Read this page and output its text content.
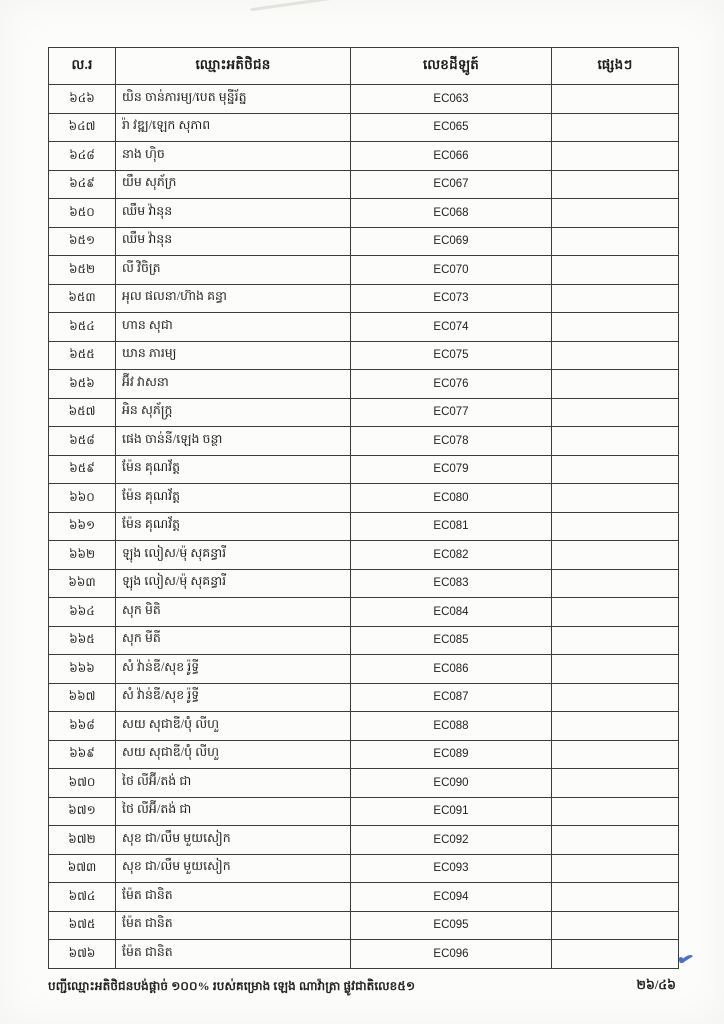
ល.រ	ឈ្មោះអតិថិជន	លេខដីឡូត៍	ផ្សេងៗ
៦៤៦	យិន ចាន់ភារម្យ/បេត មុន្នីរ័ត្ន	EC063	
៦៤៧	រ៉ា វឌ្ឍ/ឡេក សុភាព	EC065	
៦៤៨	នាង ហ៊ិច	EC066	
៦៤៩	យឹម សុភ័ក្រ	EC067	
៦៥០	ឈឹម វ៉ានុន	EC068	
៦៥១	ឈឹម វ៉ានុន	EC069	
៦៥២	លី វិចិត្រ	EC070	
៦៥៣	អុល ផលនា/ហ៊ាង គន្ធា	EC073	
៦៥៤	ហាន សុជា	EC074	
៦៥៥	ឃាន ភារម្យ	EC075	
៦៥៦	អ៊ីវ វាសនា	EC076	
៦៥៧	អិន សុភ័ក្រ្ត	EC077	
៦៥៨	ផេង ចាន់នី/ឡេង ចន្ថា	EC078	
៦៥៩	ម៉ែន គុណវ័ត្ត	EC079	
៦៦០	ម៉ែន គុណវ័ត្ត	EC080	
៦៦១	ម៉ែន គុណវ័ត្ត	EC081	
៦៦២	ឡុង លៀស/ម៉ុ សុគន្ធារី	EC082	
៦៦៣	ឡុង លៀស/ម៉ុ សុគន្ធារី	EC083	
៦៦៤	សុក មិតិ	EC084	
៦៦៥	សុក មីតី	EC085	
៦៦៦	សំ វ៉ាន់ឌី/សុខ រ៉ូទ្ធី	EC086	
៦៦៧	សំ វ៉ាន់ឌី/សុខ រ៉ូទ្ធី	EC087	
៦៦៨	សយ សុជាឌី/ប៉ុំ លីហួ	EC088	
៦៦៩	សយ សុជាឌី/ប៉ុំ លីហួ	EC089	
៦៧០	ថៃ លីអ៊ី/តង់ ជា	EC090	
៦៧១	ថៃ លីអ៊ី/តង់ ជា	EC091	
៦៧២	សុខ ជា/លឹម មួយសៀក	EC092	
៦៧៣	សុខ ជា/លឹម មួយសៀក	EC093	
៦៧៤	ម៉ែត ជានិត	EC094	
៦៧៥	ម៉ែត ជានិត	EC095	
៦៧៦	ម៉ែត ជានិត	EC096	
បញ្ជីឈ្មោះអតិថិជនបង់ផ្តាច់ ១០០% របស់គម្រោង ឡេង ណាវ៉ាត្រា ផ្លូវជាតិលេខ៥១	២៦/៤៦
✔
